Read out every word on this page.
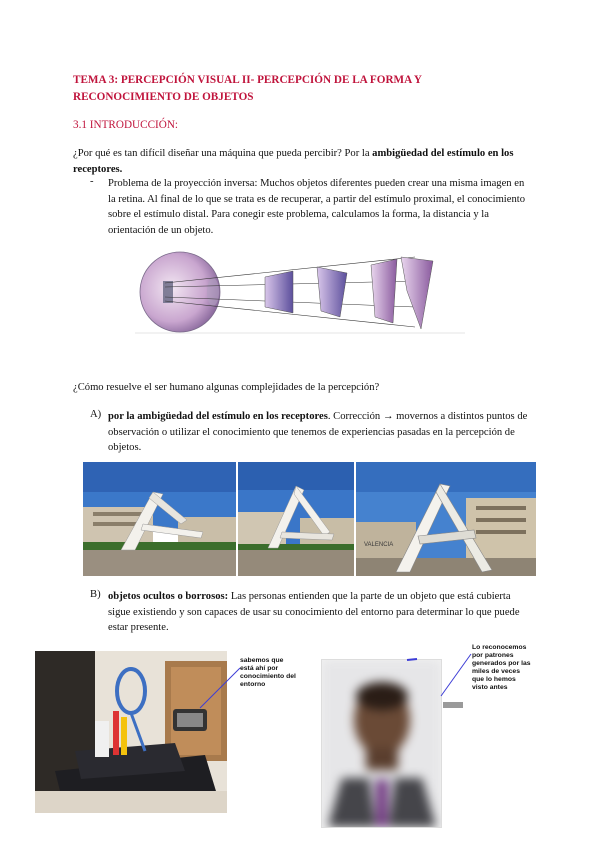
TEMA 3: PERCEPCIÓN VISUAL II- PERCEPCIÓN DE LA FORMA Y RECONOCIMIENTO DE OBJETOS
3.1 INTRODUCCIÓN:
¿Por qué es tan difícil diseñar una máquina que pueda percibir? Por la ambigüedad del estímulo en los receptores.
- Problema de la proyección inversa: Muchos objetos diferentes pueden crear una misma imagen en la retina. Al final de lo que se trata es de recuperar, a partir del estímulo proximal, el conocimiento sobre el estímulo distal. Para conegir este problema, calculamos la forma, la distancia y la orientación de un objeto.
¿Cómo resuelve el ser humano algunas complejidades de la percepción?
A) por la ambigüedad del estímulo en los receptores. Corrección → movernos a distintos puntos de observación o utilizar el conocimiento que tenemos de experiencias pasadas en la percepción de objetos.
VALENCIA
B) objetos ocultos o borrosos: Las personas entienden que la parte de un objeto que está cubierta sigue existiendo y son capaces de usar su conocimiento del entorno para determinar lo que puede estar presente.
sabemos que está ahí por conocimiento del entorno
Lo reconocemos por patrones generados por las miles de veces que lo hemos visto antes
